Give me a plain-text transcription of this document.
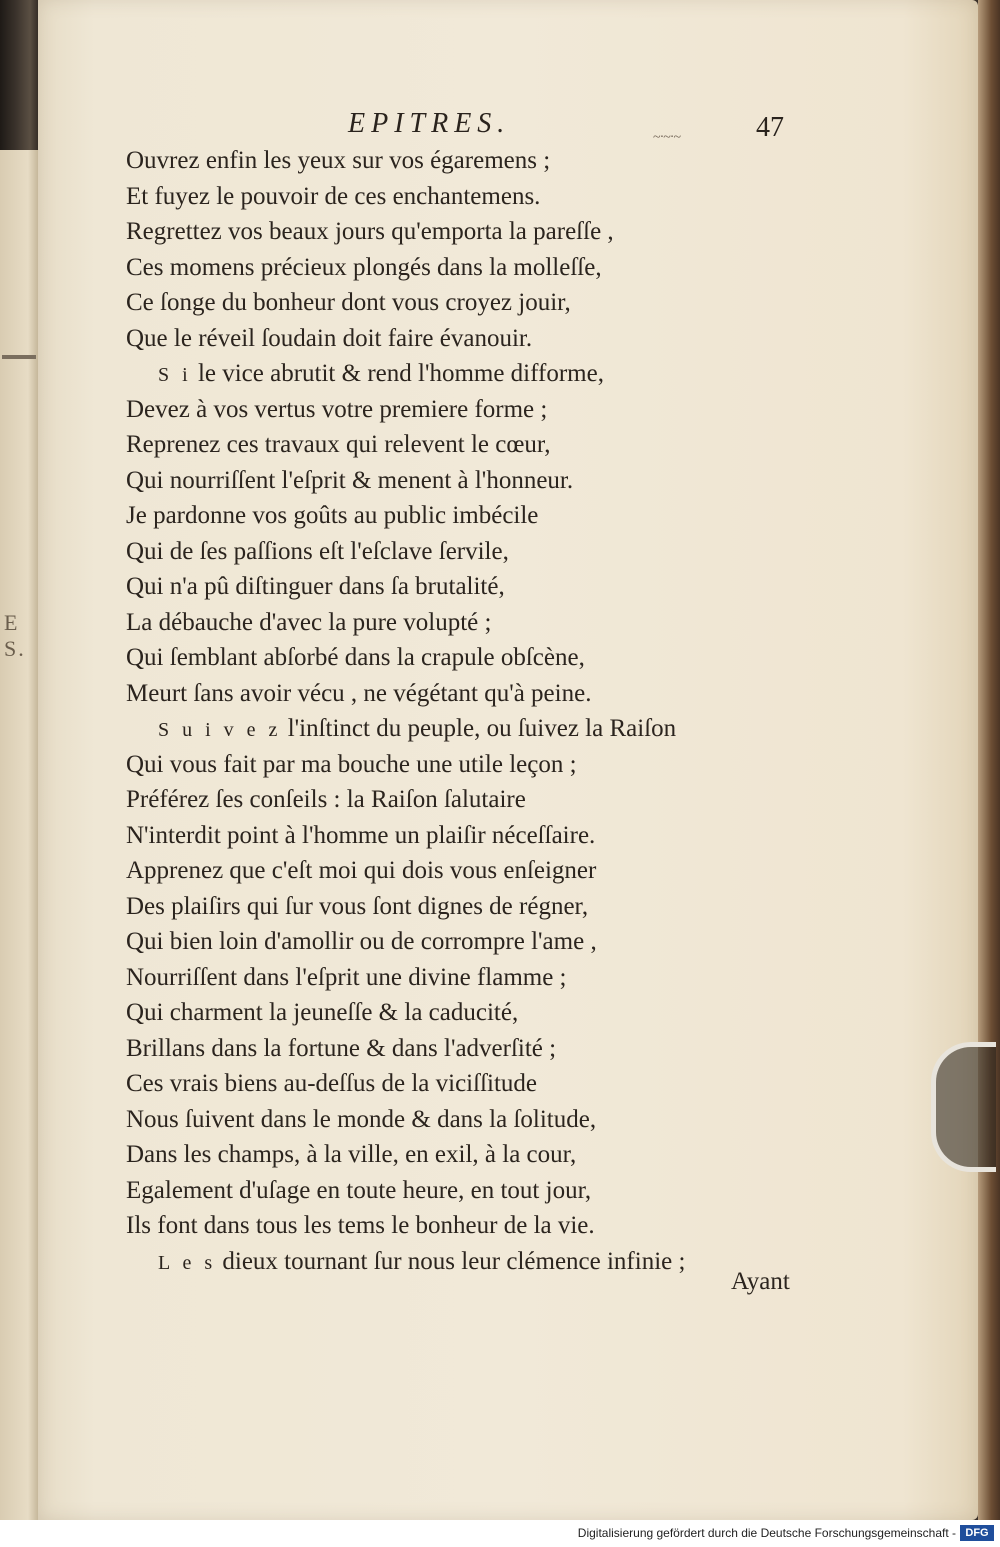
E S.
EPITRES.	~·~·~	47
Ouvrez enfin les yeux sur vos égaremens ;
Et fuyez le pouvoir de ces enchantemens.
Regrettez vos beaux jours qu'emporta la pareſſe ,
Ces momens précieux plongés dans la molleſſe,
Ce ſonge du bonheur dont vous croyez jouir,
Que le réveil ſoudain doit faire évanouir.
S i le vice abrutit & rend l'homme difforme,
Devez à vos vertus votre premiere forme ;
Reprenez ces travaux qui relevent le cœur,
Qui nourriſſent l'eſprit & menent à l'honneur.
Je pardonne vos goûts au public imbécile
Qui de ſes paſſions eſt l'eſclave ſervile,
Qui n'a pû diſtinguer dans ſa brutalité,
La débauche d'avec la pure volupté ;
Qui ſemblant abſorbé dans la crapule obſcène,
Meurt ſans avoir vécu , ne végétant qu'à peine.
S u i v e z l'inſtinct du peuple, ou ſuivez la Raiſon
Qui vous fait par ma bouche une utile leçon ;
Préférez ſes conſeils : la Raiſon ſalutaire
N'interdit point à l'homme un plaiſir néceſſaire.
Apprenez que c'eſt moi qui dois vous enſeigner
Des plaiſirs qui ſur vous ſont dignes de régner,
Qui bien loin d'amollir ou de corrompre l'ame ,
Nourriſſent dans l'eſprit une divine flamme ;
Qui charment la jeuneſſe & la caducité,
Brillans dans la fortune & dans l'adverſité ;
Ces vrais biens au-deſſus de la viciſſitude
Nous ſuivent dans le monde & dans la ſolitude,
Dans les champs, à la ville, en exil, à la cour,
Egalement d'uſage en toute heure, en tout jour,
Ils font dans tous les tems le bonheur de la vie.
L e s dieux tournant ſur nous leur clémence infinie ;
Ayant
Digitalisierung gefördert durch die Deutsche Forschungsgemeinschaft - DFG
